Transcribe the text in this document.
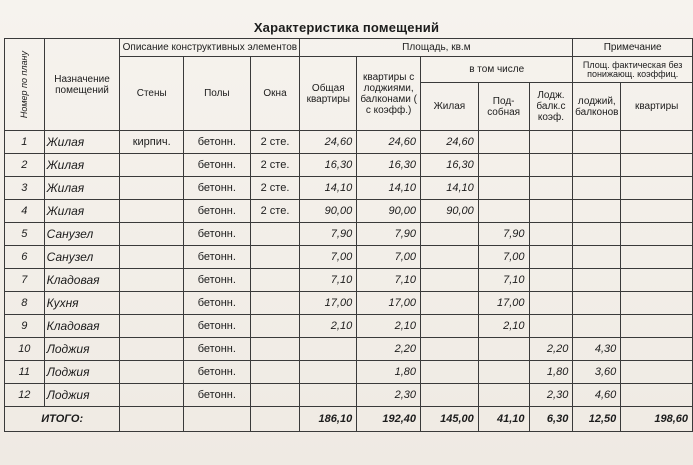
Характеристика помещений
Номер по плану	Назначение помещений	Описание конструктивных элементов			Площадь, кв.м					Примечание	
		Стены	Полы	Окна	Общая квартиры	квартиры с лоджиями, балконами ( с коэфф.)	в том числе			Площ. фактическая без понижающ. коэффиц.	
							Жилая	Под-собная	Лодж. балк.с коэф.	лоджий, балконов	квартиры
1	Жилая	кирпич.	бетонн.	2 сте.	24,60	24,60	24,60				
2	Жилая		бетонн.	2 сте.	16,30	16,30	16,30				
3	Жилая		бетонн.	2 сте.	14,10	14,10	14,10				
4	Жилая		бетонн.	2 сте.	90,00	90,00	90,00				
5	Санузел		бетонн.		7,90	7,90		7,90			
6	Санузел		бетонн.		7,00	7,00		7,00			
7	Кладовая		бетонн.		7,10	7,10		7,10			
8	Кухня		бетонн.		17,00	17,00		17,00			
9	Кладовая		бетонн.		2,10	2,10		2,10			
10	Лоджия		бетонн.			2,20			2,20	4,30	
11	Лоджия		бетонн.			1,80			1,80	3,60	
12	Лоджия		бетонн.			2,30			2,30	4,60	
ИТОГО:					186,10	192,40	145,00	41,10	6,30	12,50	198,60
